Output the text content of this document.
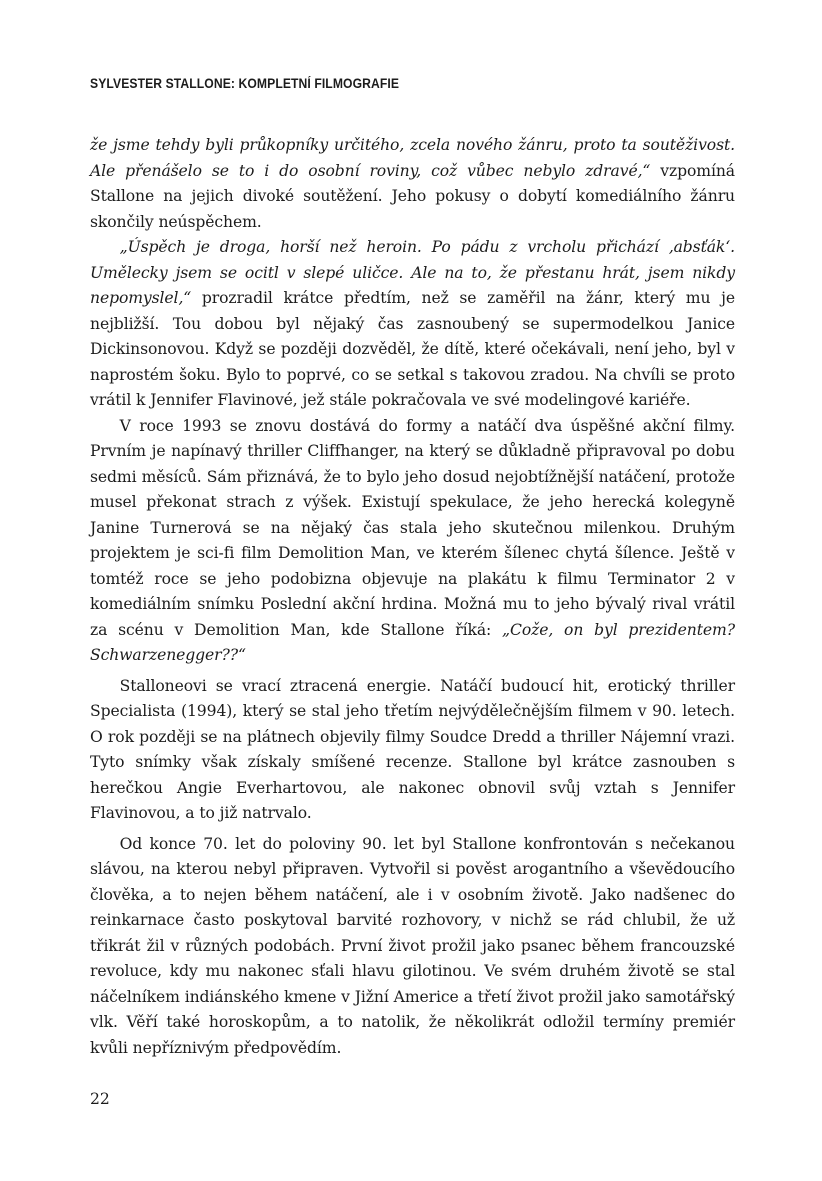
SYLVESTER STALLONE: KOMPLETNÍ FILMOGRAFIE

že jsme tehdy byli průkopníky určitého, zcela nového žánru, proto ta soutěživost. Ale přenášelo se to i do osobní roviny, což vůbec nebylo zdravé,“ vzpomíná Stallone na jejich divoké soutěžení. Jeho pokusy o dobytí komediálního žánru skončily neúspěchem.

„Úspěch je droga, horší než heroin. Po pádu z vrcholu přichází ‚absťák‘. Umělecky jsem se ocitl v slepé uličce. Ale na to, že přestanu hrát, jsem nikdy nepomyslel,“ prozradil krátce předtím, než se zaměřil na žánr, který mu je nejbližší. Tou dobou byl nějaký čas zasnoubený se supermodelkou Janice Dickinsonovou. Když se později dozvěděl, že dítě, které očekávali, není jeho, byl v naprostém šoku. Bylo to poprvé, co se setkal s takovou zradou. Na chvíli se proto vrátil k Jennifer Flavinové, jež stále pokračovala ve své modelingové kariéře.

V roce 1993 se znovu dostává do formy a natáčí dva úspěšné akční filmy. Prvním je napínavý thriller Cliffhanger, na který se důkladně připravoval po dobu sedmi měsíců. Sám přiznává, že to bylo jeho dosud nejobtížnější natáčení, protože musel překonat strach z výšek. Existují spekulace, že jeho herecká kolegyně Janine Turnerová se na nějaký čas stala jeho skutečnou milenkou. Druhým projektem je sci-fi film Demolition Man, ve kterém šílenec chytá šílence. Ještě v tomtéž roce se jeho podobizna objevuje na plakátu k filmu Terminator 2 v komediálním snímku Poslední akční hrdina. Možná mu to jeho bývalý rival vrátil za scénu v Demolition Man, kde Stallone říká: „Cože, on byl prezidentem? Schwarzenegger??“

Stalloneovi se vrací ztracená energie. Natáčí budoucí hit, erotický thriller Specialista (1994), který se stal jeho třetím nejvýdělečnějším filmem v 90. letech. O rok později se na plátnech objevily filmy Soudce Dredd a thriller Nájemní vrazi. Tyto snímky však získaly smíšené recenze. Stallone byl krátce zasnouben s herečkou Angie Everhartovou, ale nakonec obnovil svůj vztah s Jennifer Flavinovou, a to již natrvalo.

Od konce 70. let do poloviny 90. let byl Stallone konfrontován s nečekanou slávou, na kterou nebyl připraven. Vytvořil si pověst arogantního a vševědoucího člověka, a to nejen během natáčení, ale i v osobním životě. Jako nadšenec do reinkarnace často poskytoval barvité rozhovory, v nichž se rád chlubil, že už třikrát žil v různých podobách. První život prožil jako psanec během francouzské revoluce, kdy mu nakonec sťali hlavu gilotinou. Ve svém druhém životě se stal náčelníkem indiánského kmene v Jižní Americe a třetí život prožil jako samotářský vlk. Věří také horoskopům, a to natolik, že několikrát odložil termíny premiér kvůli nepříznivým předpovědím.

22
